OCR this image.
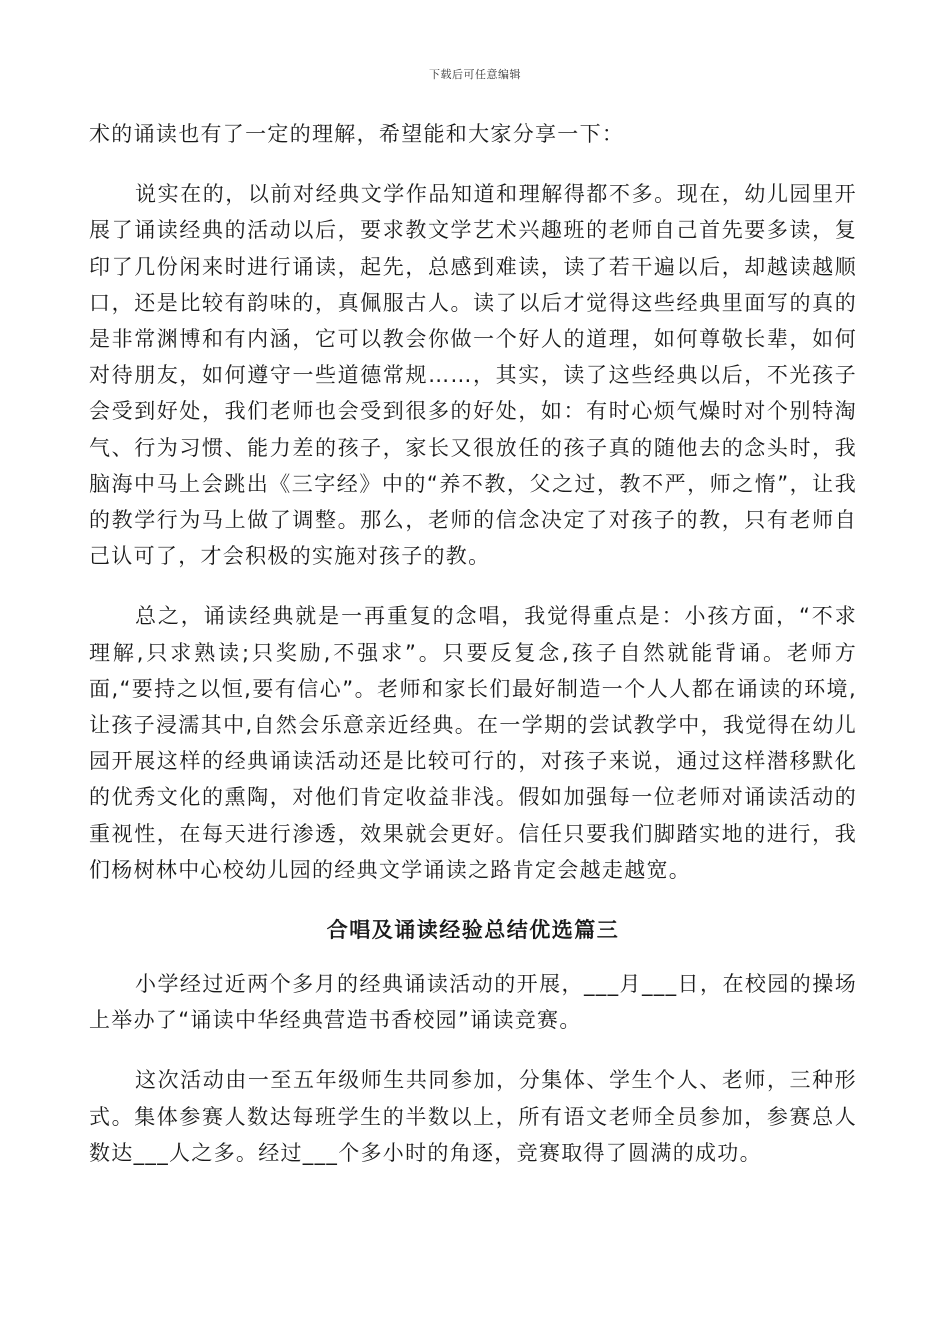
下载后可任意编辑

术的诵读也有了一定的理解，希望能和大家分享一下：

说实在的，以前对经典文学作品知道和理解得都不多。现在，幼儿园里开展了诵读经典的活动以后，要求教文学艺术兴趣班的老师自己首先要多读，复印了几份闲来时进行诵读，起先，总感到难读，读了若干遍以后，却越读越顺口，还是比较有韵味的，真佩服古人。读了以后才觉得这些经典里面写的真的是非常渊博和有内涵，它可以教会你做一个好人的道理，如何尊敬长辈，如何对待朋友，如何遵守一些道德常规……，其实，读了这些经典以后，不光孩子会受到好处，我们老师也会受到很多的好处，如：有时心烦气燥时对个别特淘气、行为习惯、能力差的孩子，家长又很放任的孩子真的随他去的念头时，我脑海中马上会跳出《三字经》中的“养不教，父之过，教不严，师之惰”，让我的教学行为马上做了调整。那么，老师的信念决定了对孩子的教，只有老师自己认可了，才会积极的实施对孩子的教。

总之，诵读经典就是一再重复的念唱，我觉得重点是：小孩方面，“不求理解,只求熟读;只奖励,不强求”。只要反复念,孩子自然就能背诵。老师方面,“要持之以恒,要有信心”。老师和家长们最好制造一个人人都在诵读的环境,让孩子浸濡其中,自然会乐意亲近经典。在一学期的尝试教学中，我觉得在幼儿园开展这样的经典诵读活动还是比较可行的，对孩子来说，通过这样潜移默化的优秀文化的熏陶，对他们肯定收益非浅。假如加强每一位老师对诵读活动的重视性，在每天进行渗透，效果就会更好。信任只要我们脚踏实地的进行，我们杨树林中心校幼儿园的经典文学诵读之路肯定会越走越宽。

合唱及诵读经验总结优选篇三

小学经过近两个多月的经典诵读活动的开展，___月___日，在校园的操场上举办了“诵读中华经典营造书香校园”诵读竞赛。

这次活动由一至五年级师生共同参加，分集体、学生个人、老师，三种形式。集体参赛人数达每班学生的半数以上，所有语文老师全员参加，参赛总人数达___人之多。经过___个多小时的角逐，竞赛取得了圆满的成功。
